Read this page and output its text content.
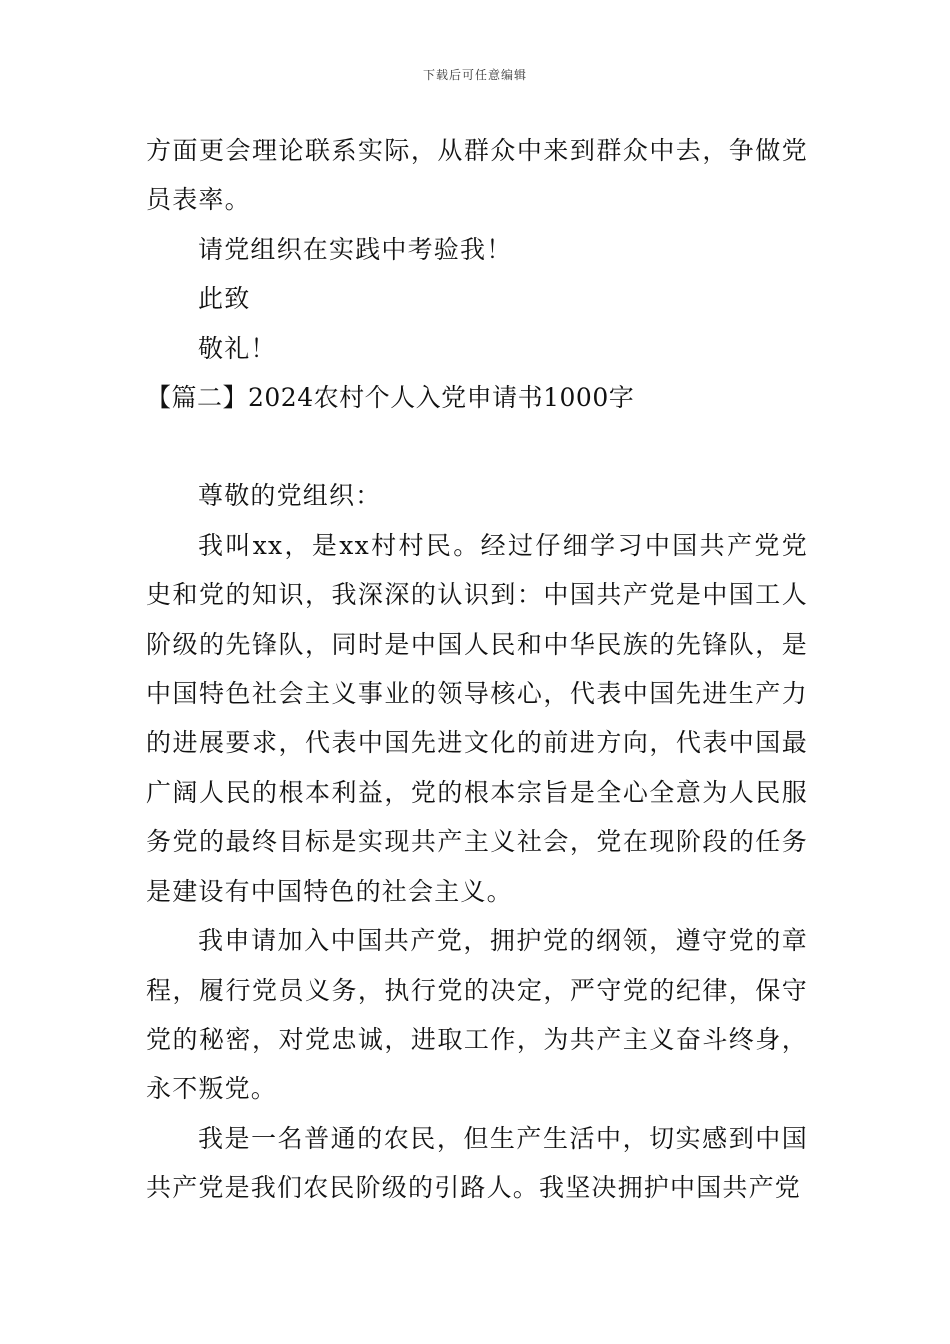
下载后可任意编辑

方面更会理论联系实际，从群众中来到群众中去，争做党员表率。

请党组织在实践中考验我！

此致

敬礼！

【篇二】2024农村个人入党申请书1000字

尊敬的党组织：

我叫xx，是xx村村民。经过仔细学习中国共产党党史和党的知识，我深深的认识到：中国共产党是中国工人阶级的先锋队，同时是中国人民和中华民族的先锋队，是中国特色社会主义事业的领导核心，代表中国先进生产力的进展要求，代表中国先进文化的前进方向，代表中国最广阔人民的根本利益，党的根本宗旨是全心全意为人民服务党的最终目标是实现共产主义社会，党在现阶段的任务是建设有中国特色的社会主义。

我申请加入中国共产党，拥护党的纲领，遵守党的章程，履行党员义务，执行党的决定，严守党的纪律，保守党的秘密，对党忠诚，进取工作，为共产主义奋斗终身，永不叛党。

我是一名普通的农民，但生产生活中，切实感到中国共产党是我们农民阶级的引路人。我坚决拥护中国共产党
